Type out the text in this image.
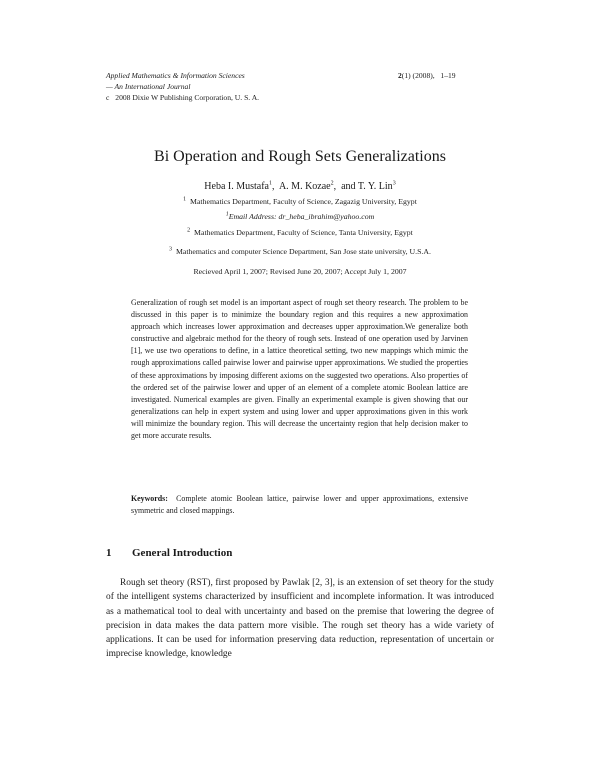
Applied Mathematics & Information Sciences
— An International Journal
c⃝2008 Dixie W Publishing Corporation, U. S. A.
2(1) (2008), 1–19
Bi Operation and Rough Sets Generalizations
Heba I. Mustafa$^1$,  A. M. Kozae$^2$,  and T. Y. Lin$^3$
$^1$ Mathematics Department, Faculty of Science, Zagazig University, Egypt
$^1$Email Address: dr_heba_ibrahim@yahoo.com
$^2$ Mathematics Department, Faculty of Science, Tanta University, Egypt
$^3$ Mathematics and computer Science Department, San Jose state university, U.S.A.
Recieved April 1, 2007; Revised June 20, 2007; Accept July 1, 2007
Generalization of rough set model is an important aspect of rough set theory research. The problem to be discussed in this paper is to minimize the boundary region and this requires a new approximation approach which increases lower approximation and decreases upper approximation.We generalize both constructive and algebraic method for the theory of rough sets. Instead of one operation used by Jarvinen [1], we use two operations to define, in a lattice theoretical setting, two new mappings which mimic the rough approximations called pairwise lower and pairwise upper approximations. We studied the properties of these approximations by imposing different axioms on the suggested two operations. Also properties of the ordered set of the pairwise lower and upper of an element of a complete atomic Boolean lattice are investigated. Numerical examples are given. Finally an experimental example is given showing that our generalizations can help in expert system and using lower and upper approximations given in this work will minimize the boundary region. This will decrease the uncertainty region that help decision maker to get more accurate results.
Keywords: Complete atomic Boolean lattice, pairwise lower and upper approximations, extensive symmetric and closed mappings.
1 General Introduction

Rough set theory (RST), first proposed by Pawlak [2, 3], is an extension of set theory for the study of the intelligent systems characterized by insufficient and incomplete information. It was introduced as a mathematical tool to deal with uncertainty and based on the premise that lowering the degree of precision in data makes the data pattern more visible. The rough set theory has a wide variety of applications. It can be used for information preserving data reduction, representation of uncertain or imprecise knowledge, knowledge
